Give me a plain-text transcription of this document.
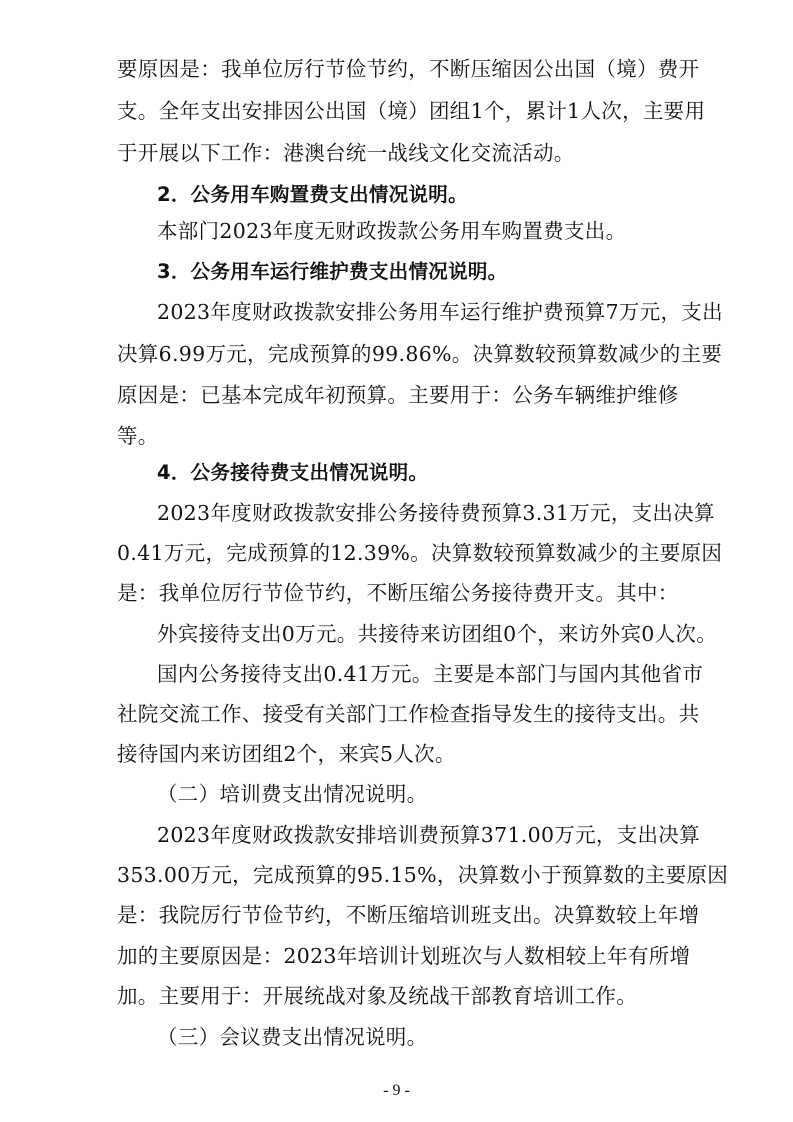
要原因是：我单位厉行节俭节约，不断压缩因公出国（境）费开
支。全年支出安排因公出国（境）团组1个，累计1人次，主要用
于开展以下工作：港澳台统一战线文化交流活动。
2．公务用车购置费支出情况说明。
本部门2023年度无财政拨款公务用车购置费支出。
3．公务用车运行维护费支出情况说明。
2023年度财政拨款安排公务用车运行维护费预算7万元，支出
决算6.99万元，完成预算的99.86%。决算数较预算数减少的主要
原因是：已基本完成年初预算。主要用于：公务车辆维护维修
等。
4．公务接待费支出情况说明。
2023年度财政拨款安排公务接待费预算3.31万元，支出决算
0.41万元，完成预算的12.39%。决算数较预算数减少的主要原因
是：我单位厉行节俭节约，不断压缩公务接待费开支。其中：
外宾接待支出0万元。共接待来访团组0个，来访外宾0人次。
国内公务接待支出0.41万元。主要是本部门与国内其他省市
社院交流工作、接受有关部门工作检查指导发生的接待支出。共
接待国内来访团组2个，来宾5人次。
（二）培训费支出情况说明。
2023年度财政拨款安排培训费预算371.00万元，支出决算
353.00万元，完成预算的95.15%，决算数小于预算数的主要原因
是：我院厉行节俭节约，不断压缩培训班支出。决算数较上年增
加的主要原因是：2023年培训计划班次与人数相较上年有所增
加。主要用于：开展统战对象及统战干部教育培训工作。
（三）会议费支出情况说明。
- 9 -
